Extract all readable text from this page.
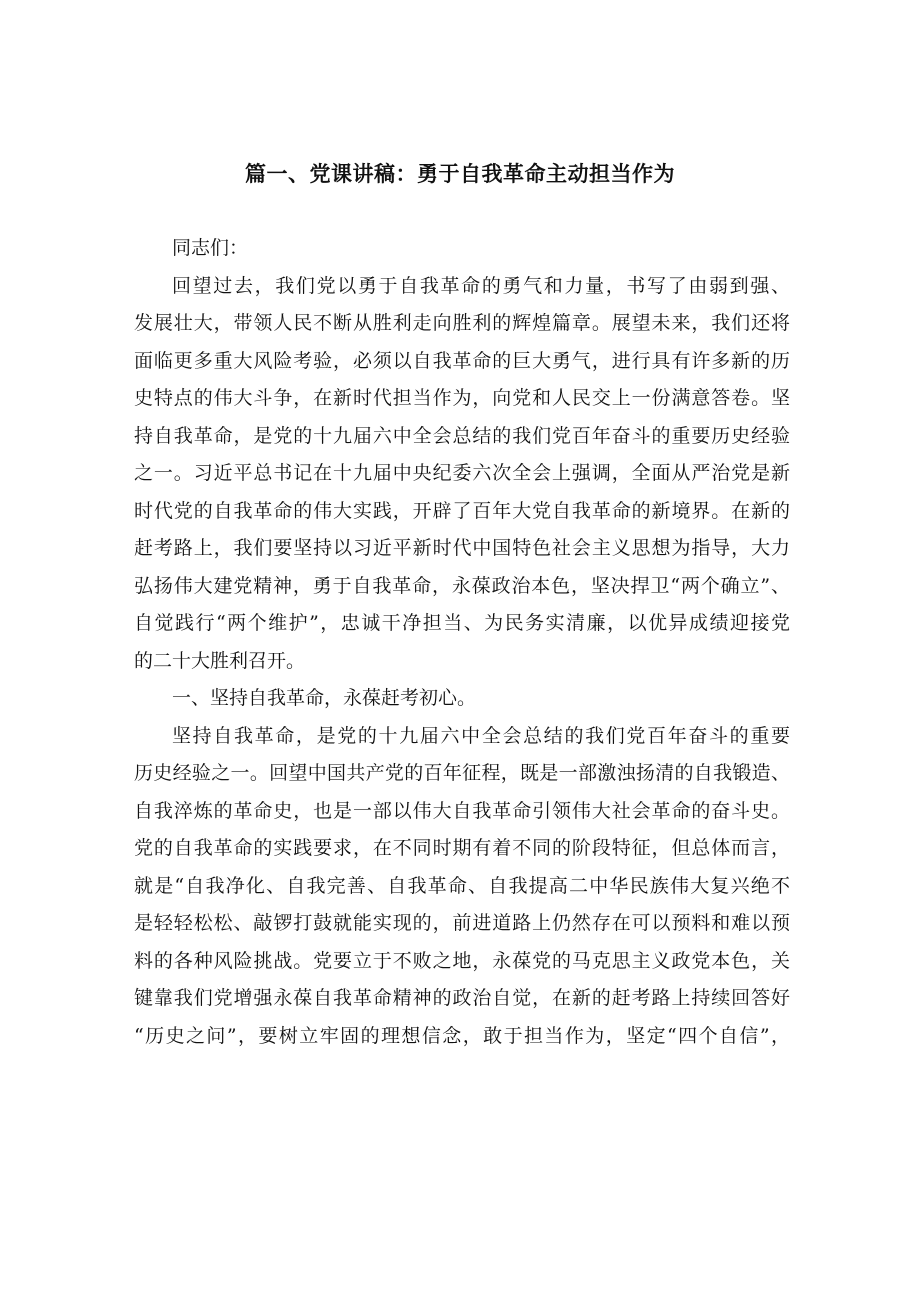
篇一、党课讲稿：勇于自我革命主动担当作为
同志们：
回望过去，我们党以勇于自我革命的勇气和力量，书写了由弱到强、
发展壮大，带领人民不断从胜利走向胜利的辉煌篇章。展望未来，我们还将
面临更多重大风险考验，必须以自我革命的巨大勇气，进行具有许多新的历
史特点的伟大斗争，在新时代担当作为，向党和人民交上一份满意答卷。坚
持自我革命，是党的十九届六中全会总结的我们党百年奋斗的重要历史经验
之一。习近平总书记在十九届中央纪委六次全会上强调，全面从严治党是新
时代党的自我革命的伟大实践，开辟了百年大党自我革命的新境界。在新的
赶考路上，我们要坚持以习近平新时代中国特色社会主义思想为指导，大力
弘扬伟大建党精神，勇于自我革命，永葆政治本色，坚决捍卫“两个确立”、
自觉践行“两个维护”，忠诚干净担当、为民务实清廉，以优异成绩迎接党
的二十大胜利召开。
一、坚持自我革命，永葆赶考初心。
坚持自我革命，是党的十九届六中全会总结的我们党百年奋斗的重要
历史经验之一。回望中国共产党的百年征程，既是一部激浊扬清的自我锻造、
自我淬炼的革命史，也是一部以伟大自我革命引领伟大社会革命的奋斗史。
党的自我革命的实践要求，在不同时期有着不同的阶段特征，但总体而言，
就是“自我净化、自我完善、自我革命、自我提高二中华民族伟大复兴绝不
是轻轻松松、敲锣打鼓就能实现的，前进道路上仍然存在可以预料和难以预
料的各种风险挑战。党要立于不败之地，永葆党的马克思主义政党本色，关
键靠我们党增强永葆自我革命精神的政治自觉，在新的赶考路上持续回答好
“历史之问”，要树立牢固的理想信念，敢于担当作为，坚定“四个自信”，
